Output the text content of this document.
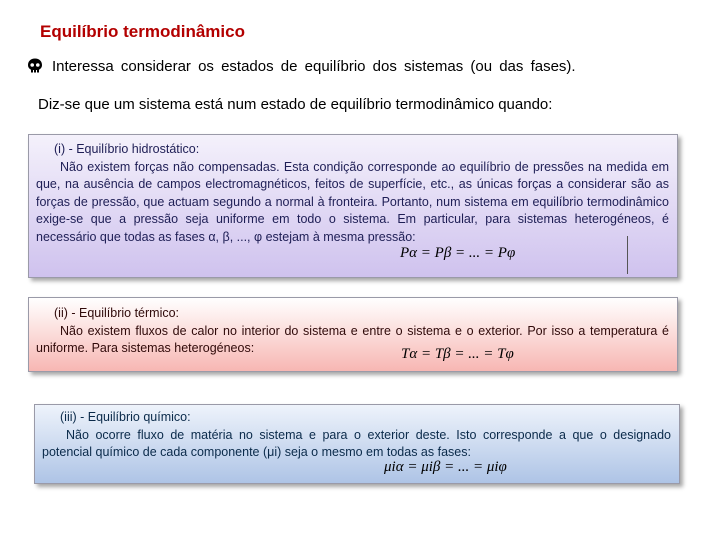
Equilíbrio termodinâmico
Interessa considerar os estados de equilíbrio dos sistemas (ou das fases).
Diz-se que um sistema está num estado de equilíbrio termodinâmico quando:
(i) - Equilíbrio hidrostático:
Não existem forças não compensadas. Esta condição corresponde ao equilíbrio de pressões na medida em que, na ausência de campos electromagnéticos, feitos de superfície, etc., as únicas forças a considerar são as forças de pressão, que actuam segundo a normal à fronteira. Portanto, num sistema em equilíbrio termodinâmico exige-se que a pressão seja uniforme em todo o sistema. Em particular, para sistemas heterogéneos, é necessário que todas as fases α, β, ..., φ estejam à mesma pressão:
Pα = Pβ = ... = Pφ
(ii) - Equilíbrio térmico:
Não existem fluxos de calor no interior do sistema e entre o sistema e o exterior. Por isso a temperatura é uniforme. Para sistemas heterogéneos:	Tα = Tβ = ... = Tφ
(iii) - Equilíbrio químico:
Não ocorre fluxo de matéria no sistema e para o exterior deste. Isto corresponde a que o designado potencial químico de cada componente (μi) seja o mesmo em todas as fases:
μiα = μiβ = ... = μiφ
